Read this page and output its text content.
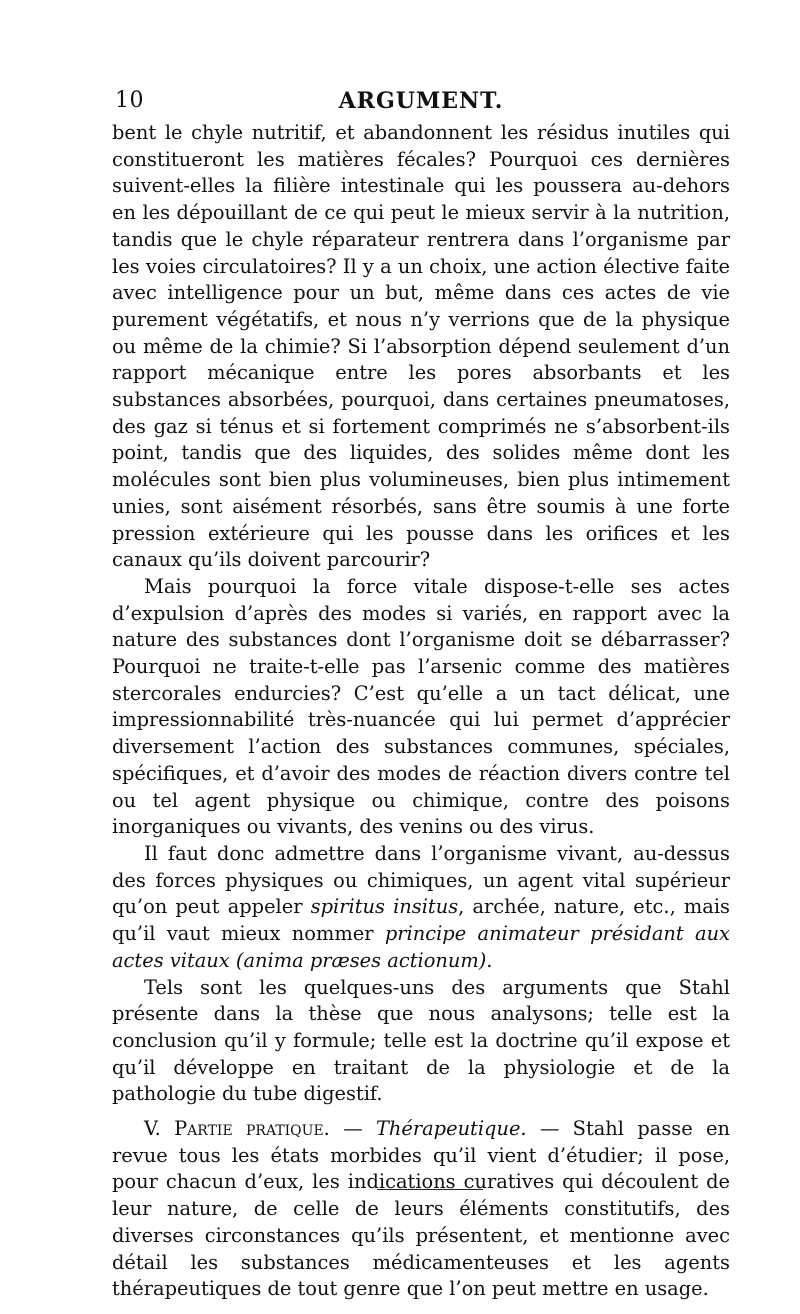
10	ARGUMENT.

bent le chyle nutritif, et abandonnent les résidus inutiles qui constitueront les matières fécales? Pourquoi ces dernières suivent-elles la filière intestinale qui les poussera au-dehors en les dépouillant de ce qui peut le mieux servir à la nutrition, tandis que le chyle réparateur rentrera dans l’organisme par les voies circulatoires? Il y a un choix, une action élective faite avec intelligence pour un but, même dans ces actes de vie purement végétatifs, et nous n’y verrions que de la physique ou même de la chimie? Si l’absorption dépend seulement d’un rapport mécanique entre les pores absorbants et les substances absorbées, pourquoi, dans certaines pneumatoses, des gaz si ténus et si fortement comprimés ne s’absorbent-ils point, tandis que des liquides, des solides même dont les molécules sont bien plus volumineuses, bien plus intimement unies, sont aisément résorbés, sans être soumis à une forte pression extérieure qui les pousse dans les orifices et les canaux qu’ils doivent parcourir?

Mais pourquoi la force vitale dispose-t-elle ses actes d’expulsion d’après des modes si variés, en rapport avec la nature des substances dont l’organisme doit se débarrasser? Pourquoi ne traite-t-elle pas l’arsenic comme des matières stercorales endurcies? C’est qu’elle a un tact délicat, une impressionnabilité très-nuancée qui lui permet d’apprécier diversement l’action des substances communes, spéciales, spécifiques, et d’avoir des modes de réaction divers contre tel ou tel agent physique ou chimique, contre des poisons inorganiques ou vivants, des venins ou des virus.

Il faut donc admettre dans l’organisme vivant, au-dessus des forces physiques ou chimiques, un agent vital supérieur qu’on peut appeler spiritus insitus, archée, nature, etc., mais qu’il vaut mieux nommer principe animateur présidant aux actes vitaux (anima præses actionum).

Tels sont les quelques-uns des arguments que Stahl présente dans la thèse que nous analysons; telle est la conclusion qu’il y formule; telle est la doctrine qu’il expose et qu’il développe en traitant de la physiologie et de la pathologie du tube digestif.

V. Partie pratique. — Thérapeutique. — Stahl passe en revue tous les états morbides qu’il vient d’étudier; il pose, pour chacun d’eux, les indications curatives qui découlent de leur nature, de celle de leurs éléments constitutifs, des diverses circonstances qu’ils présentent, et mentionne avec détail les substances médicamenteuses et les agents thérapeutiques de tout genre que l’on peut mettre en usage.
